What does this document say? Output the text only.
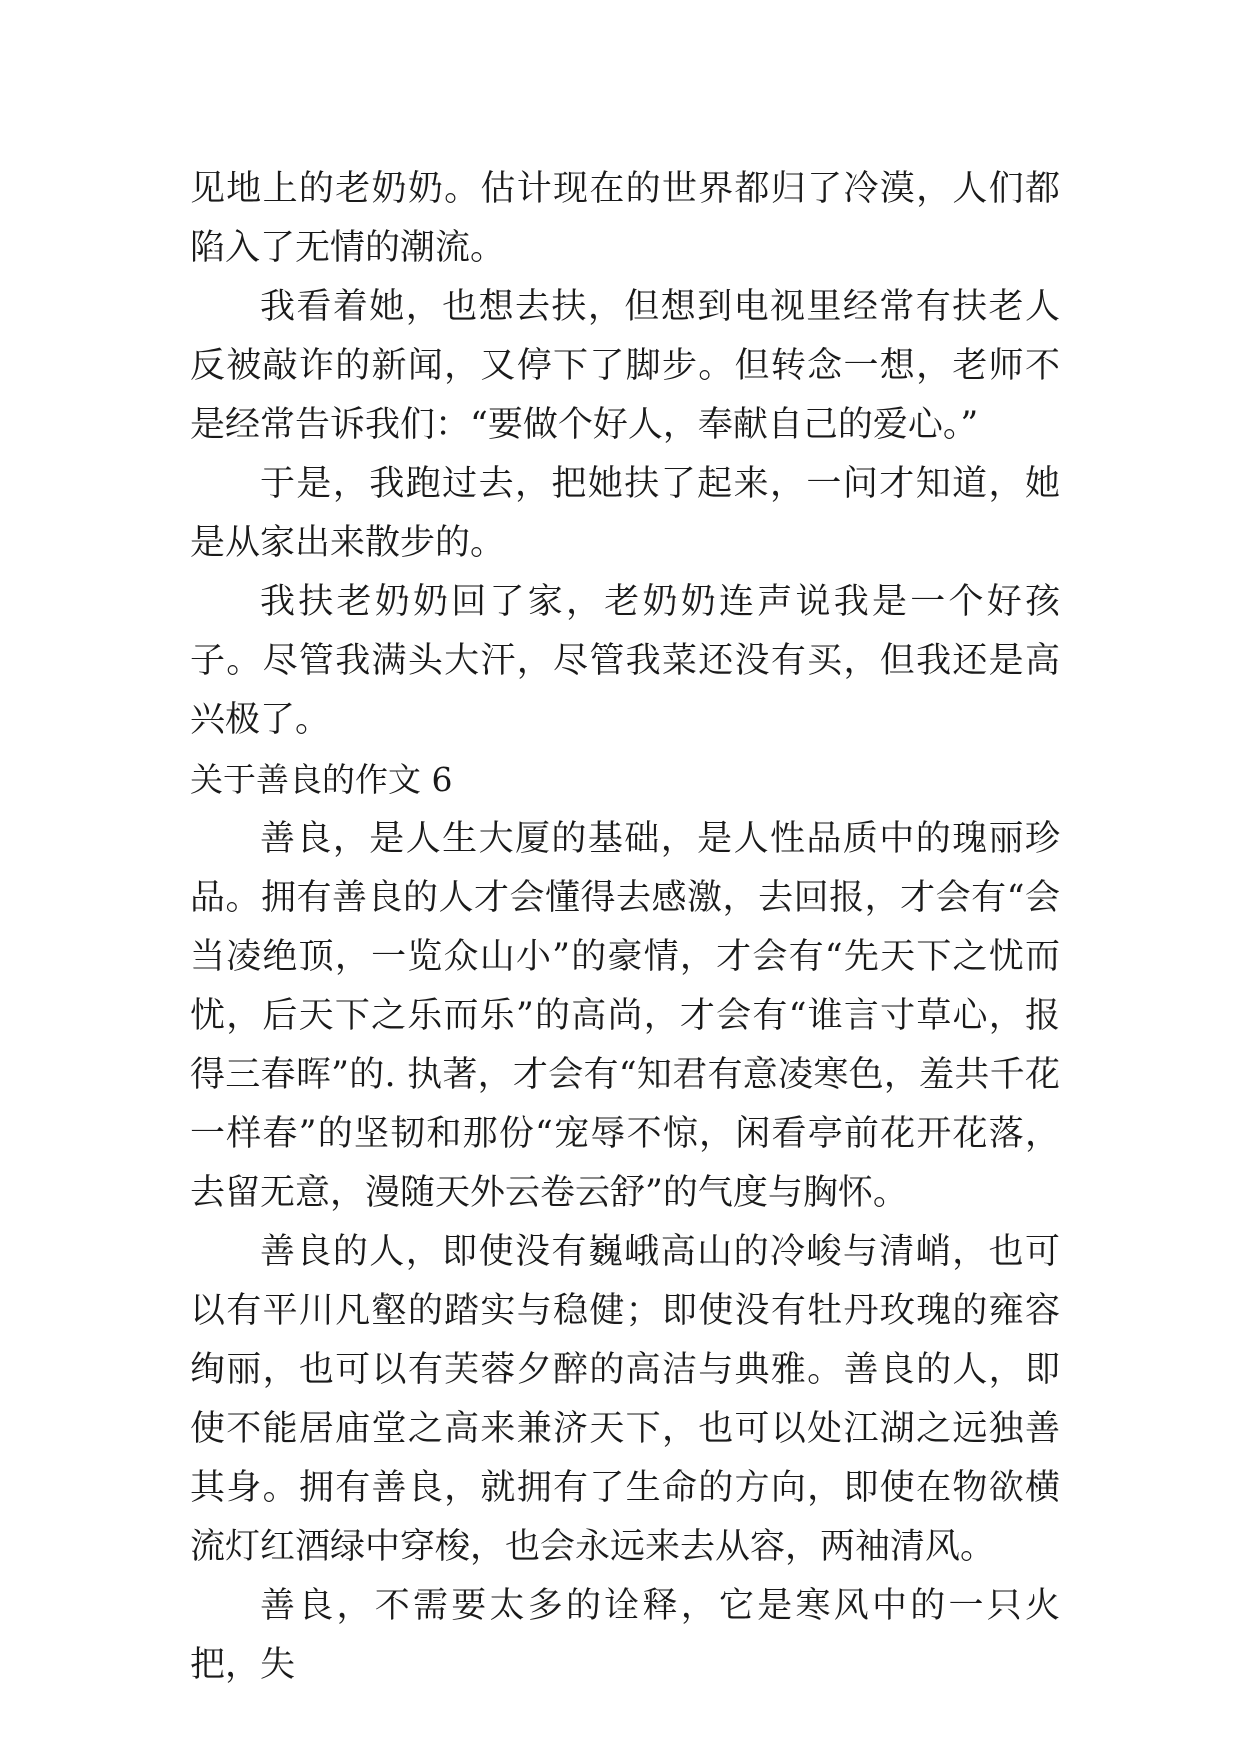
见地上的老奶奶。估计现在的世界都归了冷漠，人们都陷入了无情的潮流。

我看着她，也想去扶，但想到电视里经常有扶老人反被敲诈的新闻，又停下了脚步。但转念一想，老师不是经常告诉我们：“要做个好人，奉献自己的爱心。”

于是，我跑过去，把她扶了起来，一问才知道，她是从家出来散步的。

我扶老奶奶回了家，老奶奶连声说我是一个好孩子。尽管我满头大汗，尽管我菜还没有买，但我还是高兴极了。

关于善良的作文 6

善良，是人生大厦的基础，是人性品质中的瑰丽珍品。拥有善良的人才会懂得去感激，去回报，才会有“会当凌绝顶，一览众山小”的豪情，才会有“先天下之忧而忧，后天下之乐而乐”的高尚，才会有“谁言寸草心，报得三春晖”的. 执著，才会有“知君有意凌寒色，羞共千花一样春”的坚韧和那份“宠辱不惊，闲看亭前花开花落，去留无意，漫随天外云卷云舒”的气度与胸怀。

善良的人，即使没有巍峨高山的冷峻与清峭，也可以有平川凡壑的踏实与稳健；即使没有牡丹玫瑰的雍容绚丽，也可以有芙蓉夕醉的高洁与典雅。善良的人，即使不能居庙堂之高来兼济天下，也可以处江湖之远独善其身。拥有善良，就拥有了生命的方向，即使在物欲横流灯红酒绿中穿梭，也会永远来去从容，两袖清风。

善良，不需要太多的诠释，它是寒风中的一只火把，失
